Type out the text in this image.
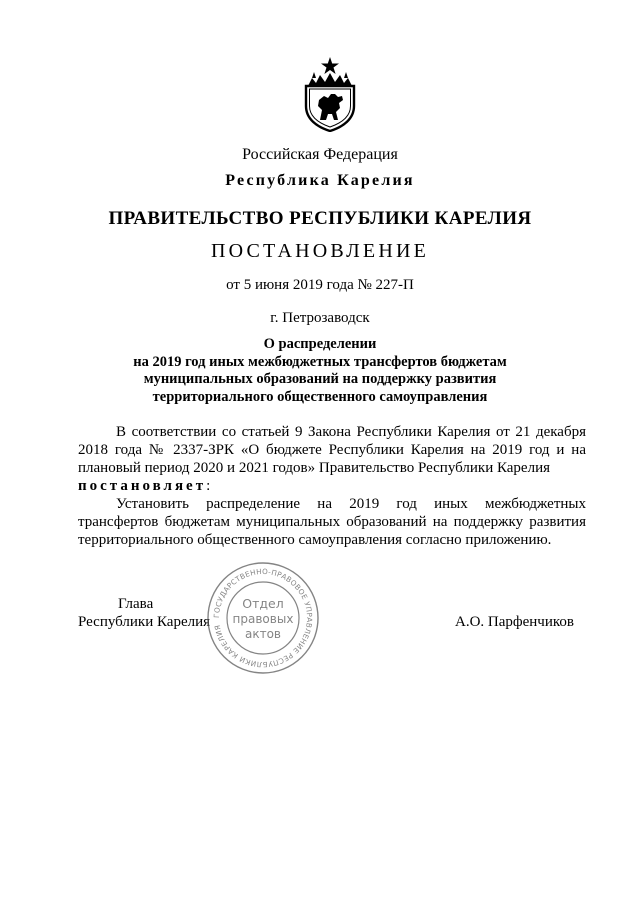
Российская Федерация
Республика Карелия
ПРАВИТЕЛЬСТВО РЕСПУБЛИКИ КАРЕЛИЯ
ПОСТАНОВЛЕНИЕ
от 5 июня 2019 года № 227-П
г. Петрозаводск
О распределении
на 2019 год иных межбюджетных трансфертов бюджетам
муниципальных образований на поддержку развития
территориального общественного самоуправления

В соответствии со статьей 9 Закона Республики Карелия от 21 декабря 2018 года № 2337-ЗРК «О бюджете Республики Карелия на 2019 год и на плановый период 2020 и 2021 годов» Правительство Республики Карелия
постановляет:

Установить распределение на 2019 год иных межбюджетных трансфертов бюджетам муниципальных образований на поддержку развития территориального общественного самоуправления согласно приложению.

Глава
Республики Карелия	А.О. Парфенчиков
ГОСУДАРСТВЕННО-ПРАВОВОЕ УПРАВЛЕНИЕ РЕСПУБЛИКИ КАРЕЛИЯ
Отдел
правовых
актов
